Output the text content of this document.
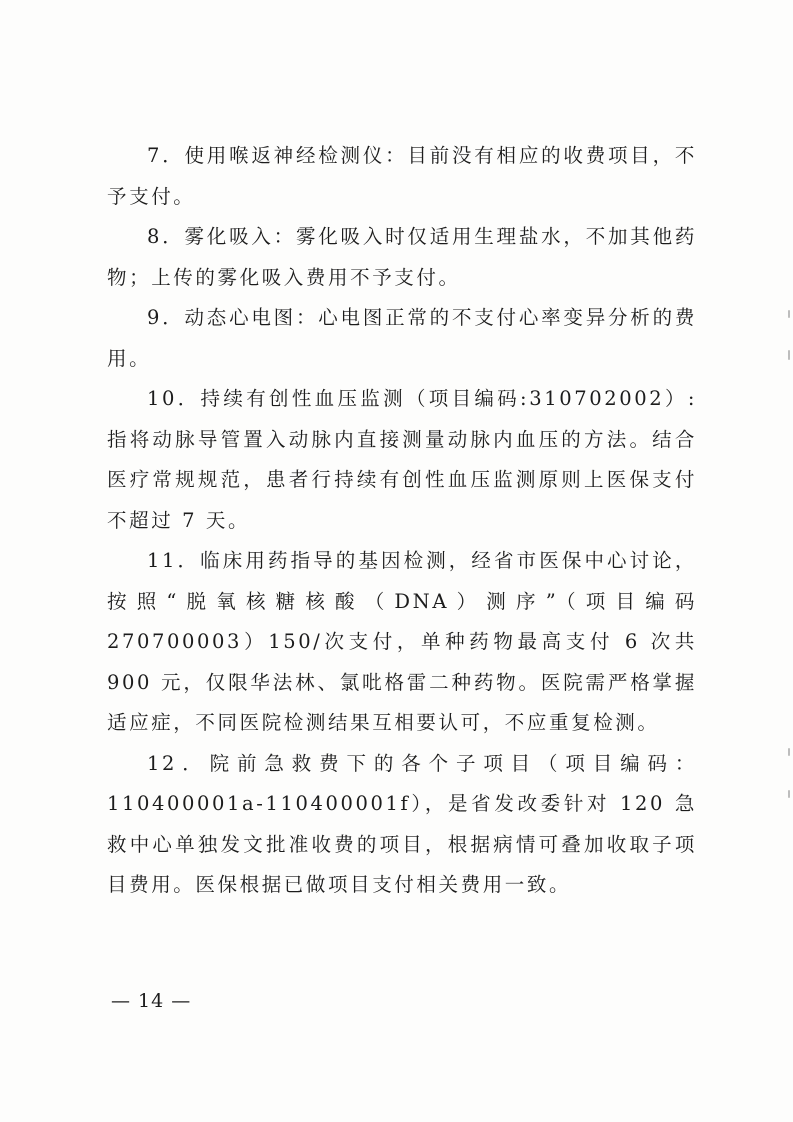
7．使用喉返神经检测仪：目前没有相应的收费项目，不予支付。

8．雾化吸入：雾化吸入时仅适用生理盐水，不加其他药物；上传的雾化吸入费用不予支付。

9．动态心电图：心电图正常的不支付心率变异分析的费用。

10．持续有创性血压监测（项目编码:310702002）:指将动脉导管置入动脉内直接测量动脉内血压的方法。结合医疗常规规范，患者行持续有创性血压监测原则上医保支付不超过 7 天。

11．临床用药指导的基因检测，经省市医保中心讨论，按照“脱氧核糖核酸（DNA）测序”（项目编码 270700003）150/次支付，单种药物最高支付 6 次共 900 元，仅限华法林、氯吡格雷二种药物。医院需严格掌握适应症，不同医院检测结果互相要认可，不应重复检测。

12．院前急救费下的各个子项目（项目编码：110400001a-110400001f），是省发改委针对 120 急救中心单独发文批准收费的项目，根据病情可叠加收取子项目费用。医保根据已做项目支付相关费用一致。

— 14 —
